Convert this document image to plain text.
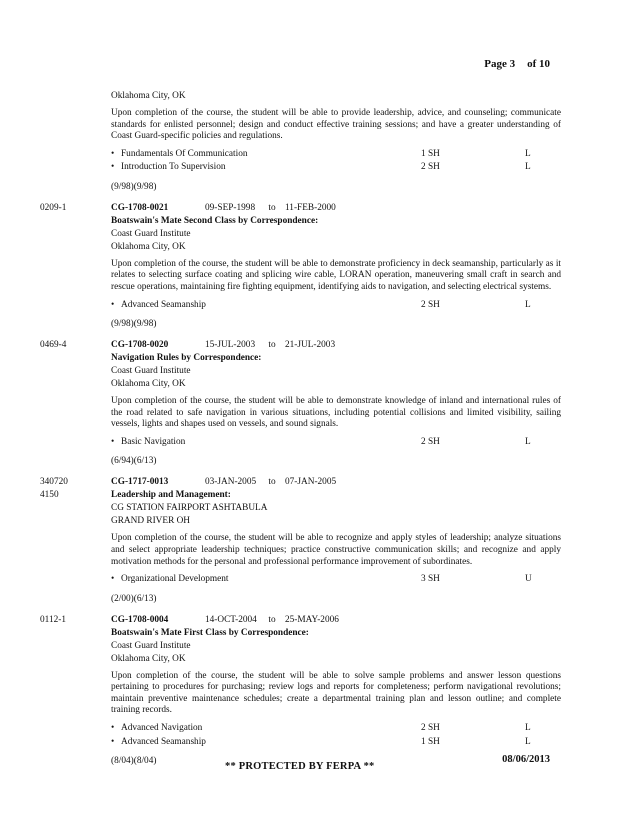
Page 3 of 10
Oklahoma City, OK
Upon completion of the course, the student will be able to provide leadership, advice, and counseling; communicate standards for enlisted personnel; design and conduct effective training sessions; and have a greater understanding of Coast Guard-specific policies and regulations.
• Fundamentals Of Communication	1 SH	L
• Introduction To Supervision	2 SH	L
(9/98)(9/98)
0209-1	CG-1708-0021	09-SEP-1998	to	11-FEB-2000
Boatswain's Mate Second Class by Correspondence:
Coast Guard Institute
Oklahoma City, OK
Upon completion of the course, the student will be able to demonstrate proficiency in deck seamanship, particularly as it relates to selecting surface coating and splicing wire cable, LORAN operation, maneuvering small craft in search and rescue operations, maintaining fire fighting equipment, identifying aids to navigation, and selecting electrical systems.
• Advanced Seamanship	2 SH	L
(9/98)(9/98)
0469-4	CG-1708-0020	15-JUL-2003	to	21-JUL-2003
Navigation Rules by Correspondence:
Coast Guard Institute
Oklahoma City, OK
Upon completion of the course, the student will be able to demonstrate knowledge of inland and international rules of the road related to safe navigation in various situations, including potential collisions and limited visibility, sailing vessels, lights and shapes used on vessels, and sound signals.
• Basic Navigation	2 SH	L
(6/94)(6/13)
340720
4150
CG-1717-0013	03-JAN-2005	to	07-JAN-2005
Leadership and Management:
CG STATION FAIRPORT ASHTABULA
GRAND RIVER OH
Upon completion of the course, the student will be able to recognize and apply styles of leadership; analyze situations and select appropriate leadership techniques; practice constructive communication skills; and recognize and apply motivation methods for the personal and professional performance improvement of subordinates.
• Organizational Development	3 SH	U
(2/00)(6/13)
0112-1	CG-1708-0004	14-OCT-2004	to	25-MAY-2006
Boatswain's Mate First Class by Correspondence:
Coast Guard Institute
Oklahoma City, OK
Upon completion of the course, the student will be able to solve sample problems and answer lesson questions pertaining to procedures for purchasing; review logs and reports for completeness; perform navigational revolutions; maintain preventive maintenance schedules; create a departmental training plan and lesson outline; and complete training records.
• Advanced Navigation	2 SH	L
• Advanced Seamanship	1 SH	L
(8/04)(8/04)	** PROTECTED BY FERPA **
08/06/2013
